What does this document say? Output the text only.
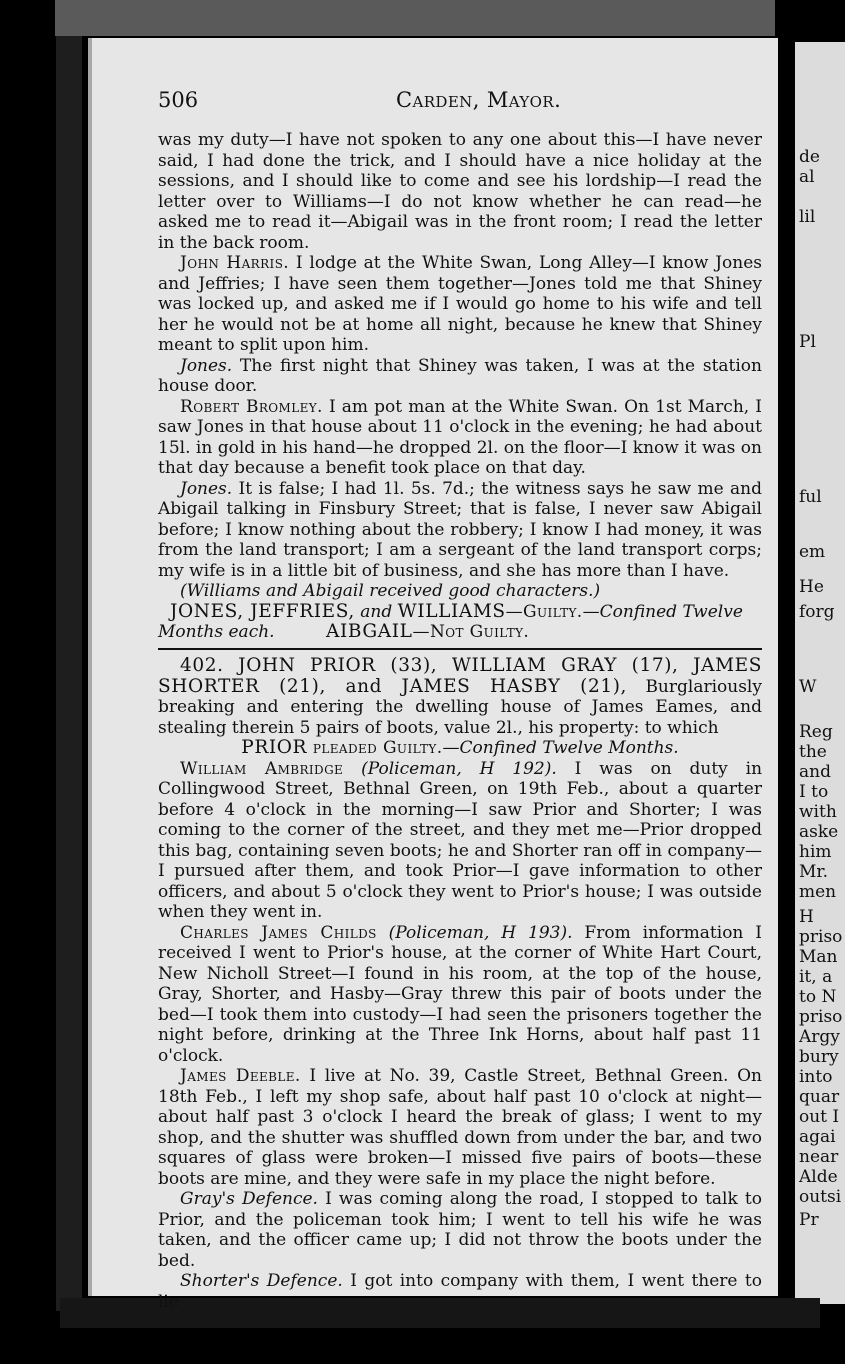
de
al
lil
Pl
ful
em
He
forg
W
Reg
the
and
I to
with
aske
him
Mr.
men
H
priso
Man
it, a
to N
priso
Argy
bury
into
quar
out I
agai
near
Alde
outsi
Pr
506	Carden, Mayor.

was my duty—I have not spoken to any one about this—I have never said, I had done the trick, and I should have a nice holiday at the sessions, and I should like to come and see his lordship—I read the letter over to Williams—I do not know whether he can read—he asked me to read it—Abigail was in the front room; I read the letter in the back room.

John Harris. I lodge at the White Swan, Long Alley—I know Jones and Jeffries; I have seen them together—Jones told me that Shiney was locked up, and asked me if I would go home to his wife and tell her he would not be at home all night, because he knew that Shiney meant to split upon him.

Jones. The first night that Shiney was taken, I was at the station house door.

Robert Bromley. I am pot man at the White Swan. On 1st March, I saw Jones in that house about 11 o'clock in the evening; he had about 15l. in gold in his hand—he dropped 2l. on the floor—I know it was on that day because a benefit took place on that day.

Jones. It is false; I had 1l. 5s. 7d.; the witness says he saw me and Abigail talking in Finsbury Street; that is false, I never saw Abigail before; I know nothing about the robbery; I know I had money, it was from the land transport; I am a sergeant of the land transport corps; my wife is in a little bit of business, and she has more than I have.

(Williams and Abigail received good characters.)

JONES, JEFFRIES, and WILLIAMS—Guilty.—Confined Twelve

Months each.	AIBGAIL—Not Guilty.

402. JOHN PRIOR (33), WILLIAM GRAY (17), JAMES SHORTER (21), and JAMES HASBY (21), Burglariously breaking and entering the dwelling house of James Eames, and stealing therein 5 pairs of boots, value 2l., his property: to which

PRIOR pleaded Guilty.—Confined Twelve Months.

William Ambridge (Policeman, H 192). I was on duty in Collingwood Street, Bethnal Green, on 19th Feb., about a quarter before 4 o'clock in the morning—I saw Prior and Shorter; I was coming to the corner of the street, and they met me—Prior dropped this bag, containing seven boots; he and Shorter ran off in company—I pursued after them, and took Prior—I gave information to other officers, and about 5 o'clock they went to Prior's house; I was outside when they went in.

Charles James Childs (Policeman, H 193). From information I received I went to Prior's house, at the corner of White Hart Court, New Nicholl Street—I found in his room, at the top of the house, Gray, Shorter, and Hasby—Gray threw this pair of boots under the bed—I took them into custody—I had seen the prisoners together the night before, drinking at the Three Ink Horns, about half past 11 o'clock.

James Deeble. I live at No. 39, Castle Street, Bethnal Green. On 18th Feb., I left my shop safe, about half past 10 o'clock at night—about half past 3 o'clock I heard the break of glass; I went to my shop, and the shutter was shuffled down from under the bar, and two squares of glass were broken—I missed five pairs of boots—these boots are mine, and they were safe in my place the night before.

Gray's Defence. I was coming along the road, I stopped to talk to Prior, and the policeman took him; I went to tell his wife he was taken, and the officer came up; I did not throw the boots under the bed.

Shorter's Defence. I got into company with them, I went there to lie
